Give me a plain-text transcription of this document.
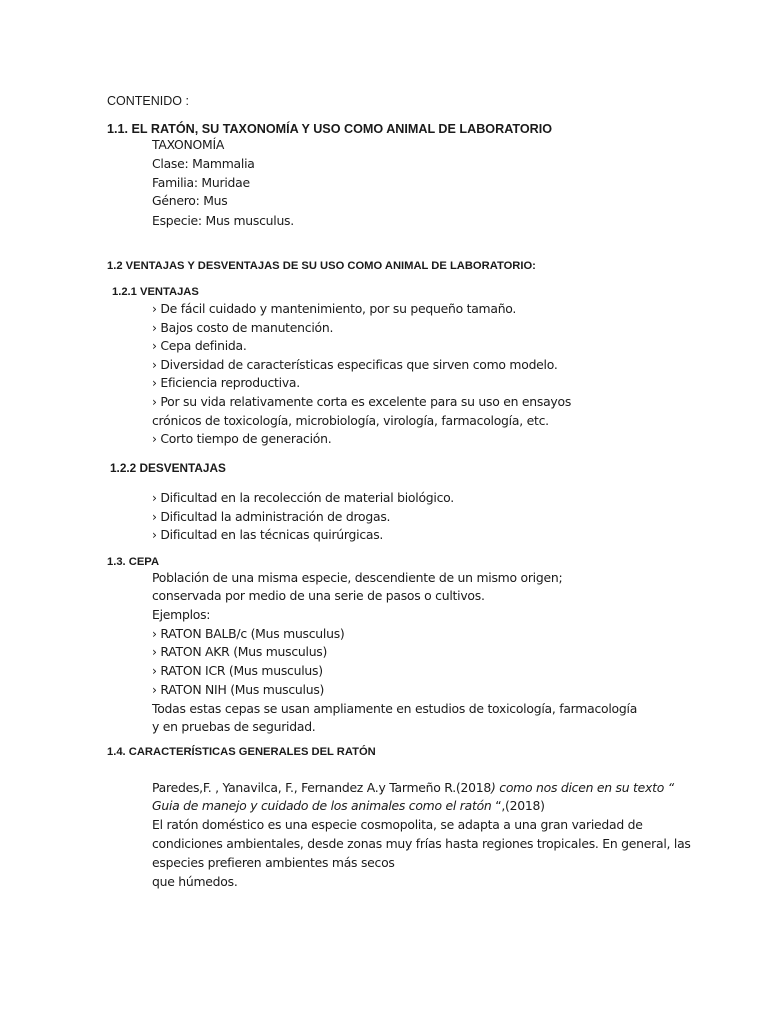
CONTENIDO :
1.1. EL RATÓN, SU TAXONOMÍA Y USO COMO ANIMAL DE LABORATORIO
TAXONOMÍA
Clase: Mammalia
Familia: Muridae
Género: Mus
Especie: Mus musculus.
1.2 VENTAJAS Y DESVENTAJAS DE SU USO COMO ANIMAL DE LABORATORIO:
1.2.1 VENTAJAS
› De fácil cuidado y mantenimiento, por su pequeño tamaño.
› Bajos costo de manutención.
› Cepa definida.
› Diversidad de características especificas que sirven como modelo.
› Eficiencia reproductiva.
› Por su vida relativamente corta es excelente para su uso en ensayos
crónicos de toxicología, microbiología, virología, farmacología, etc.
› Corto tiempo de generación.
1.2.2 DESVENTAJAS
› Dificultad en la recolección de material biológico.
› Dificultad la administración de drogas.
› Dificultad en las técnicas quirúrgicas.
1.3. CEPA
Población de una misma especie, descendiente de un mismo origen;
conservada por medio de una serie de pasos o cultivos.
Ejemplos:
› RATON BALB/c (Mus musculus)
› RATON AKR (Mus musculus)
› RATON ICR (Mus musculus)
› RATON NIH (Mus musculus)
Todas estas cepas se usan ampliamente en estudios de toxicología, farmacología
y en pruebas de seguridad.
1.4. CARACTERÍSTICAS GENERALES DEL RATÓN
Paredes,F. , Yanavilca, F., Fernandez A.y Tarmeño R.(2018) como nos dicen en su texto “
Guia de manejo y cuidado de los animales como el ratón “,(2018)
El ratón doméstico es una especie cosmopolita, se adapta a una gran variedad de
condiciones ambientales, desde zonas muy frías hasta regiones tropicales. En general, las
especies prefieren ambientes más secos
que húmedos.
